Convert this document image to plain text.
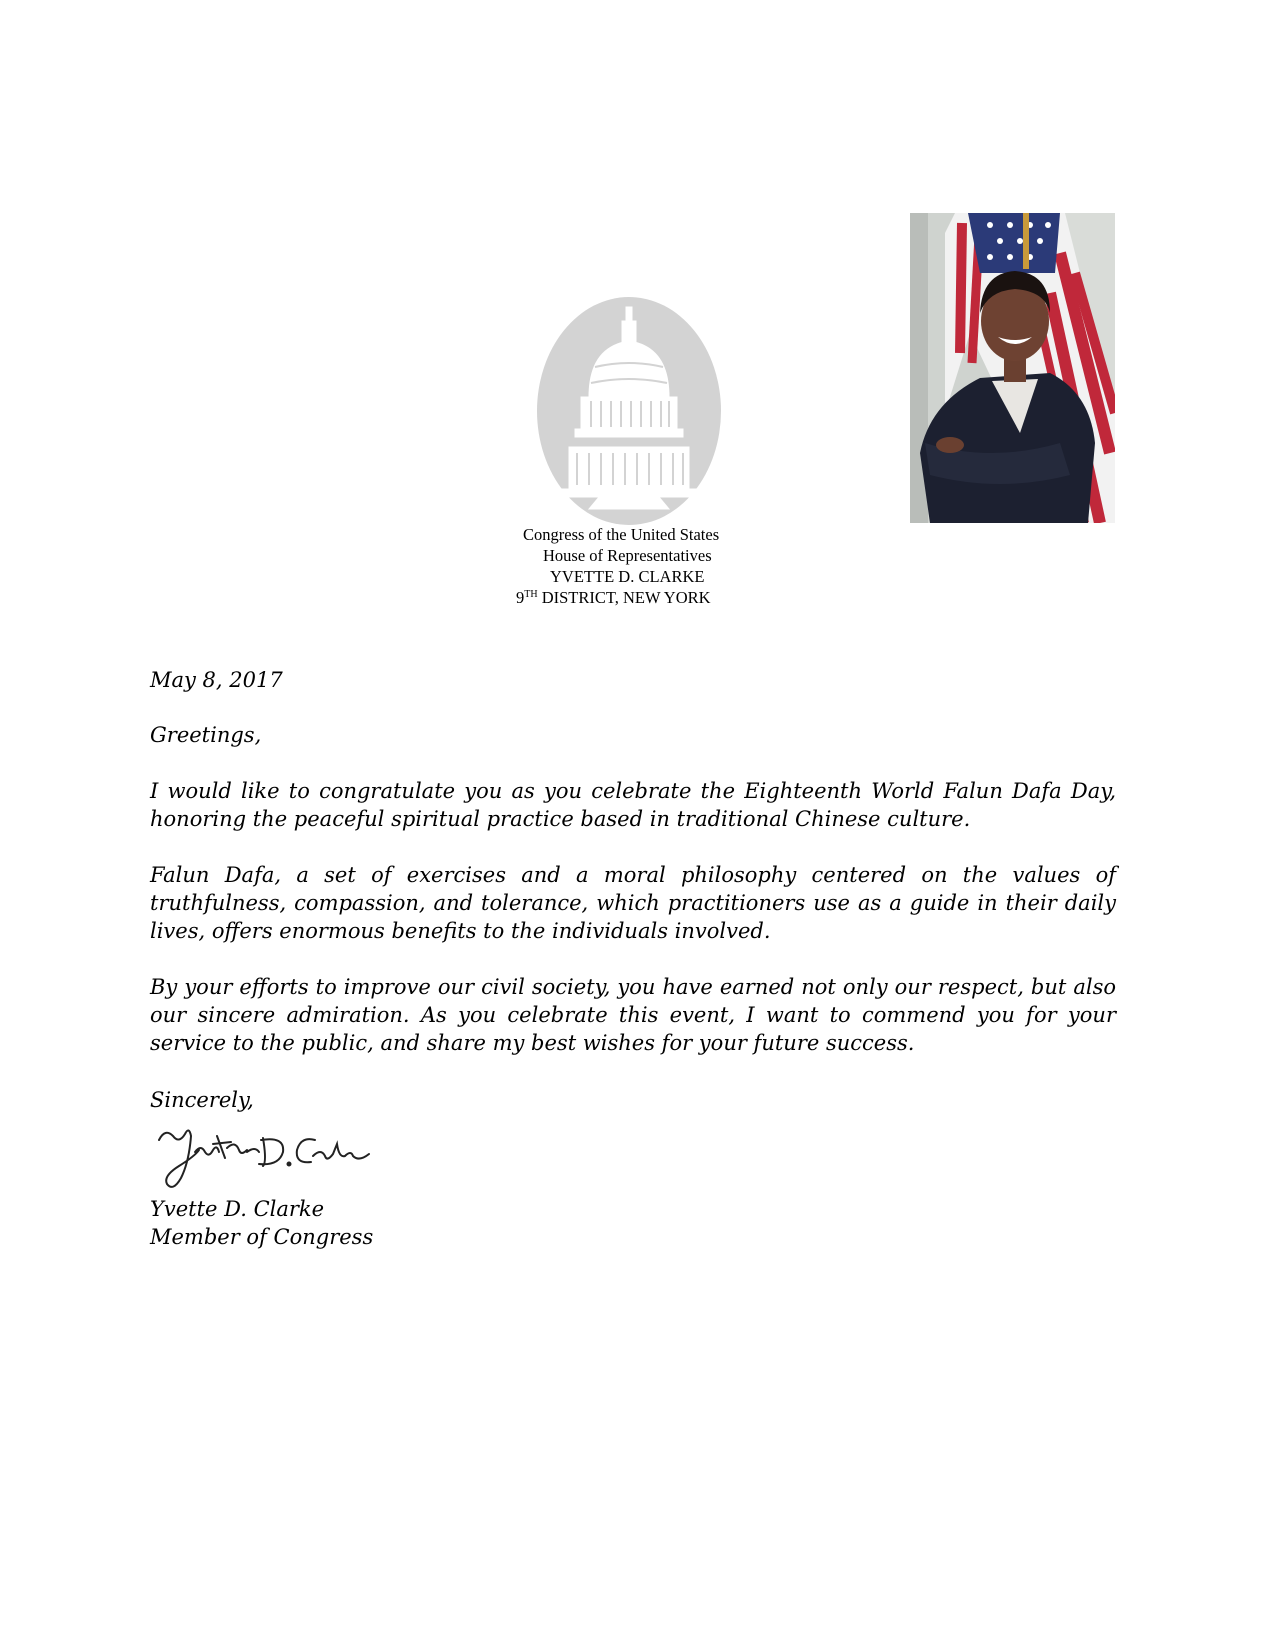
Congress of the United States
House of Representatives
YVETTE D. CLARKE
9TH DISTRICT, NEW YORK

May 8, 2017

Greetings,

I would like to congratulate you as you celebrate the Eighteenth World Falun Dafa Day, honoring the peaceful spiritual practice based in traditional Chinese culture.

Falun Dafa, a set of exercises and a moral philosophy centered on the values of truthfulness, compassion, and tolerance, which practitioners use as a guide in their daily lives, offers enormous benefits to the individuals involved.

By your efforts to improve our civil society, you have earned not only our respect, but also our sincere admiration. As you celebrate this event, I want to commend you for your service to the public, and share my best wishes for your future success.

Sincerely,

Yvette D. Clarke

Member of Congress
